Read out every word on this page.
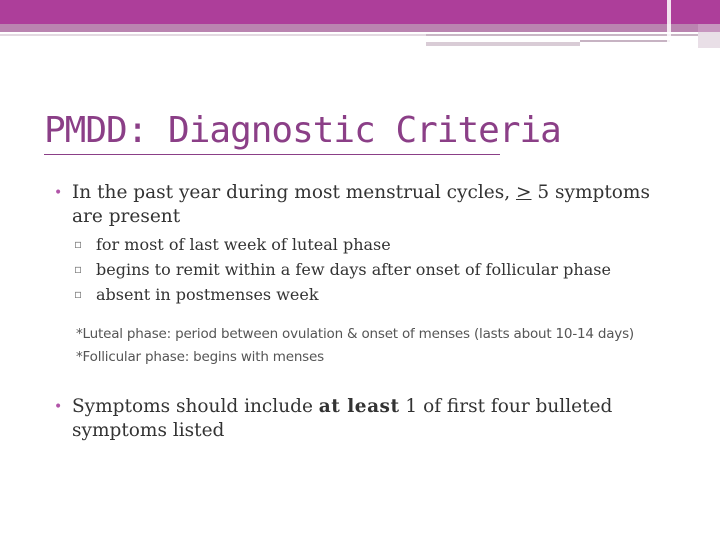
PMDD: Diagnostic Criteria
• In the past year during most menstrual cycles, > 5 symptoms are present
▫ for most of last week of luteal phase
▫ begins to remit within a few days after onset of follicular phase
▫ absent in postmenses week
*Luteal phase: period between ovulation & onset of menses (lasts about 10-14 days)
*Follicular phase: begins with menses
• Symptoms should include at least 1 of first four bulleted symptoms listed
